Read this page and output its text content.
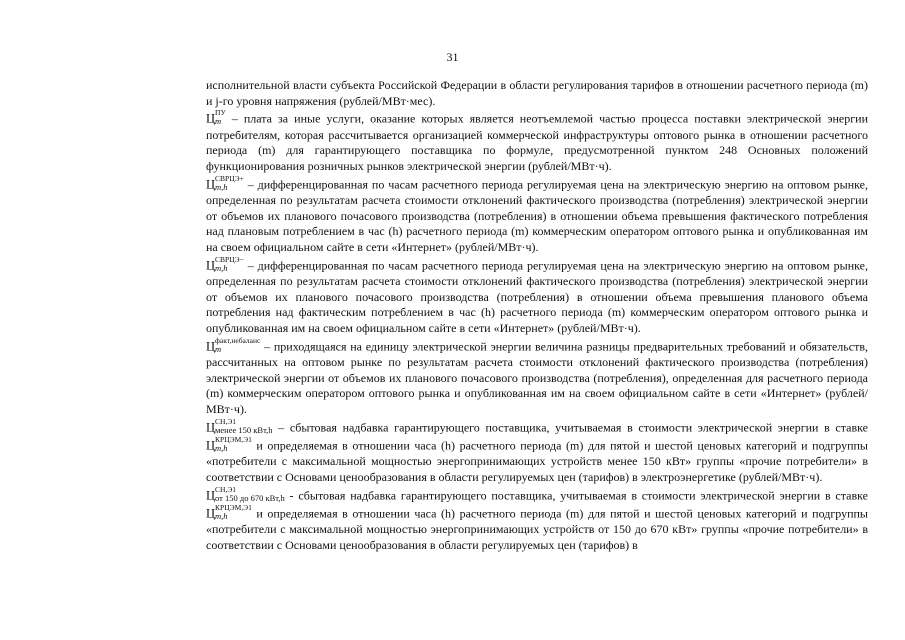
31

исполнительной власти субъекта Российской Федерации в области регулирования тарифов в отношении расчетного периода (m) и j-го уровня напряжения (рублей/МВт·мес).

Ц ПУ
m – плата за иные услуги, оказание которых является неотъемлемой частью процесса поставки электрической энергии потребителям, которая рассчитывается организацией коммерческой инфраструктуры оптового рынка в отношении расчетного периода (m) для гарантирующего поставщика по формуле, предусмотренной пунктом 248 Основных положений функционирования розничных рынков электрической энергии (рублей/МВт·ч).

Ц СВРЦЭ+
m,h	– дифференцированная по часам расчетного периода регулируемая цена на электрическую энергию на оптовом рынке, определенная по результатам расчета стоимости отклонений фактического производства (потребления) электрической энергии от объемов их планового почасового производства (потребления) в отношении объема превышения фактического потребления над плановым потреблением в час (h) расчетного периода (m) коммерческим оператором оптового рынка и опубликованная им на своем официальном сайте в сети «Интернет» (рублей/МВт·ч).

Ц СВРЦЭ−
m,h	– дифференцированная по часам расчетного периода регулируемая цена на электрическую энергию на оптовом рынке, определенная по результатам расчета стоимости отклонений фактического производства (потребления) электрической энергии от объемов их планового почасового производства (потребления) в отношении объема превышения планового объема потребления над фактическим потреблением в час (h) расчетного периода (m) коммерческим оператором оптового рынка и опубликованная им на своем официальном сайте в сети «Интернет» (рублей/МВт·ч).

Ц факт,небаланс
m	– приходящаяся на единицу электрической энергии величина разницы предварительных требований и обязательств, рассчитанных на оптовом рынке по результатам расчета стоимости отклонений фактического производства (потребления) электрической энергии от объемов их планового почасового производства (потребления), определенная для расчетного периода (m) коммерческим оператором оптового рынка и опубликованная им на своем официальном сайте в сети «Интернет» (рублей/МВт·ч).

Ц СН,Э1
менее 150 кВт,h – сбытовая надбавка гарантирующего поставщика, учитываемая в стоимости электрической энергии в ставке Ц КРЦЭМ,Э1
m,h	и определяемая в отношении часа (h) расчетного периода (m) для пятой и шестой ценовых категорий и подгруппы «потребители с максимальной мощностью энергопринимающих устройств менее 150 кВт» группы «прочие потребители» в соответствии с Основами ценообразования в области регулируемых цен (тарифов) в электроэнергетике (рублей/МВт·ч).

Ц СН,Э1
от 150 до 670 кВт,h - сбытовая надбавка гарантирующего поставщика, учитываемая в стоимости электрической энергии в ставке Ц КРЦЭМ,Э1
m,h	и определяемая в отношении часа (h) расчетного периода (m) для пятой и шестой ценовых категорий и подгруппы «потребители с максимальной мощностью энергопринимающих устройств от 150 до 670 кВт» группы «прочие потребители» в соответствии с Основами ценообразования в области регулируемых цен (тарифов) в
